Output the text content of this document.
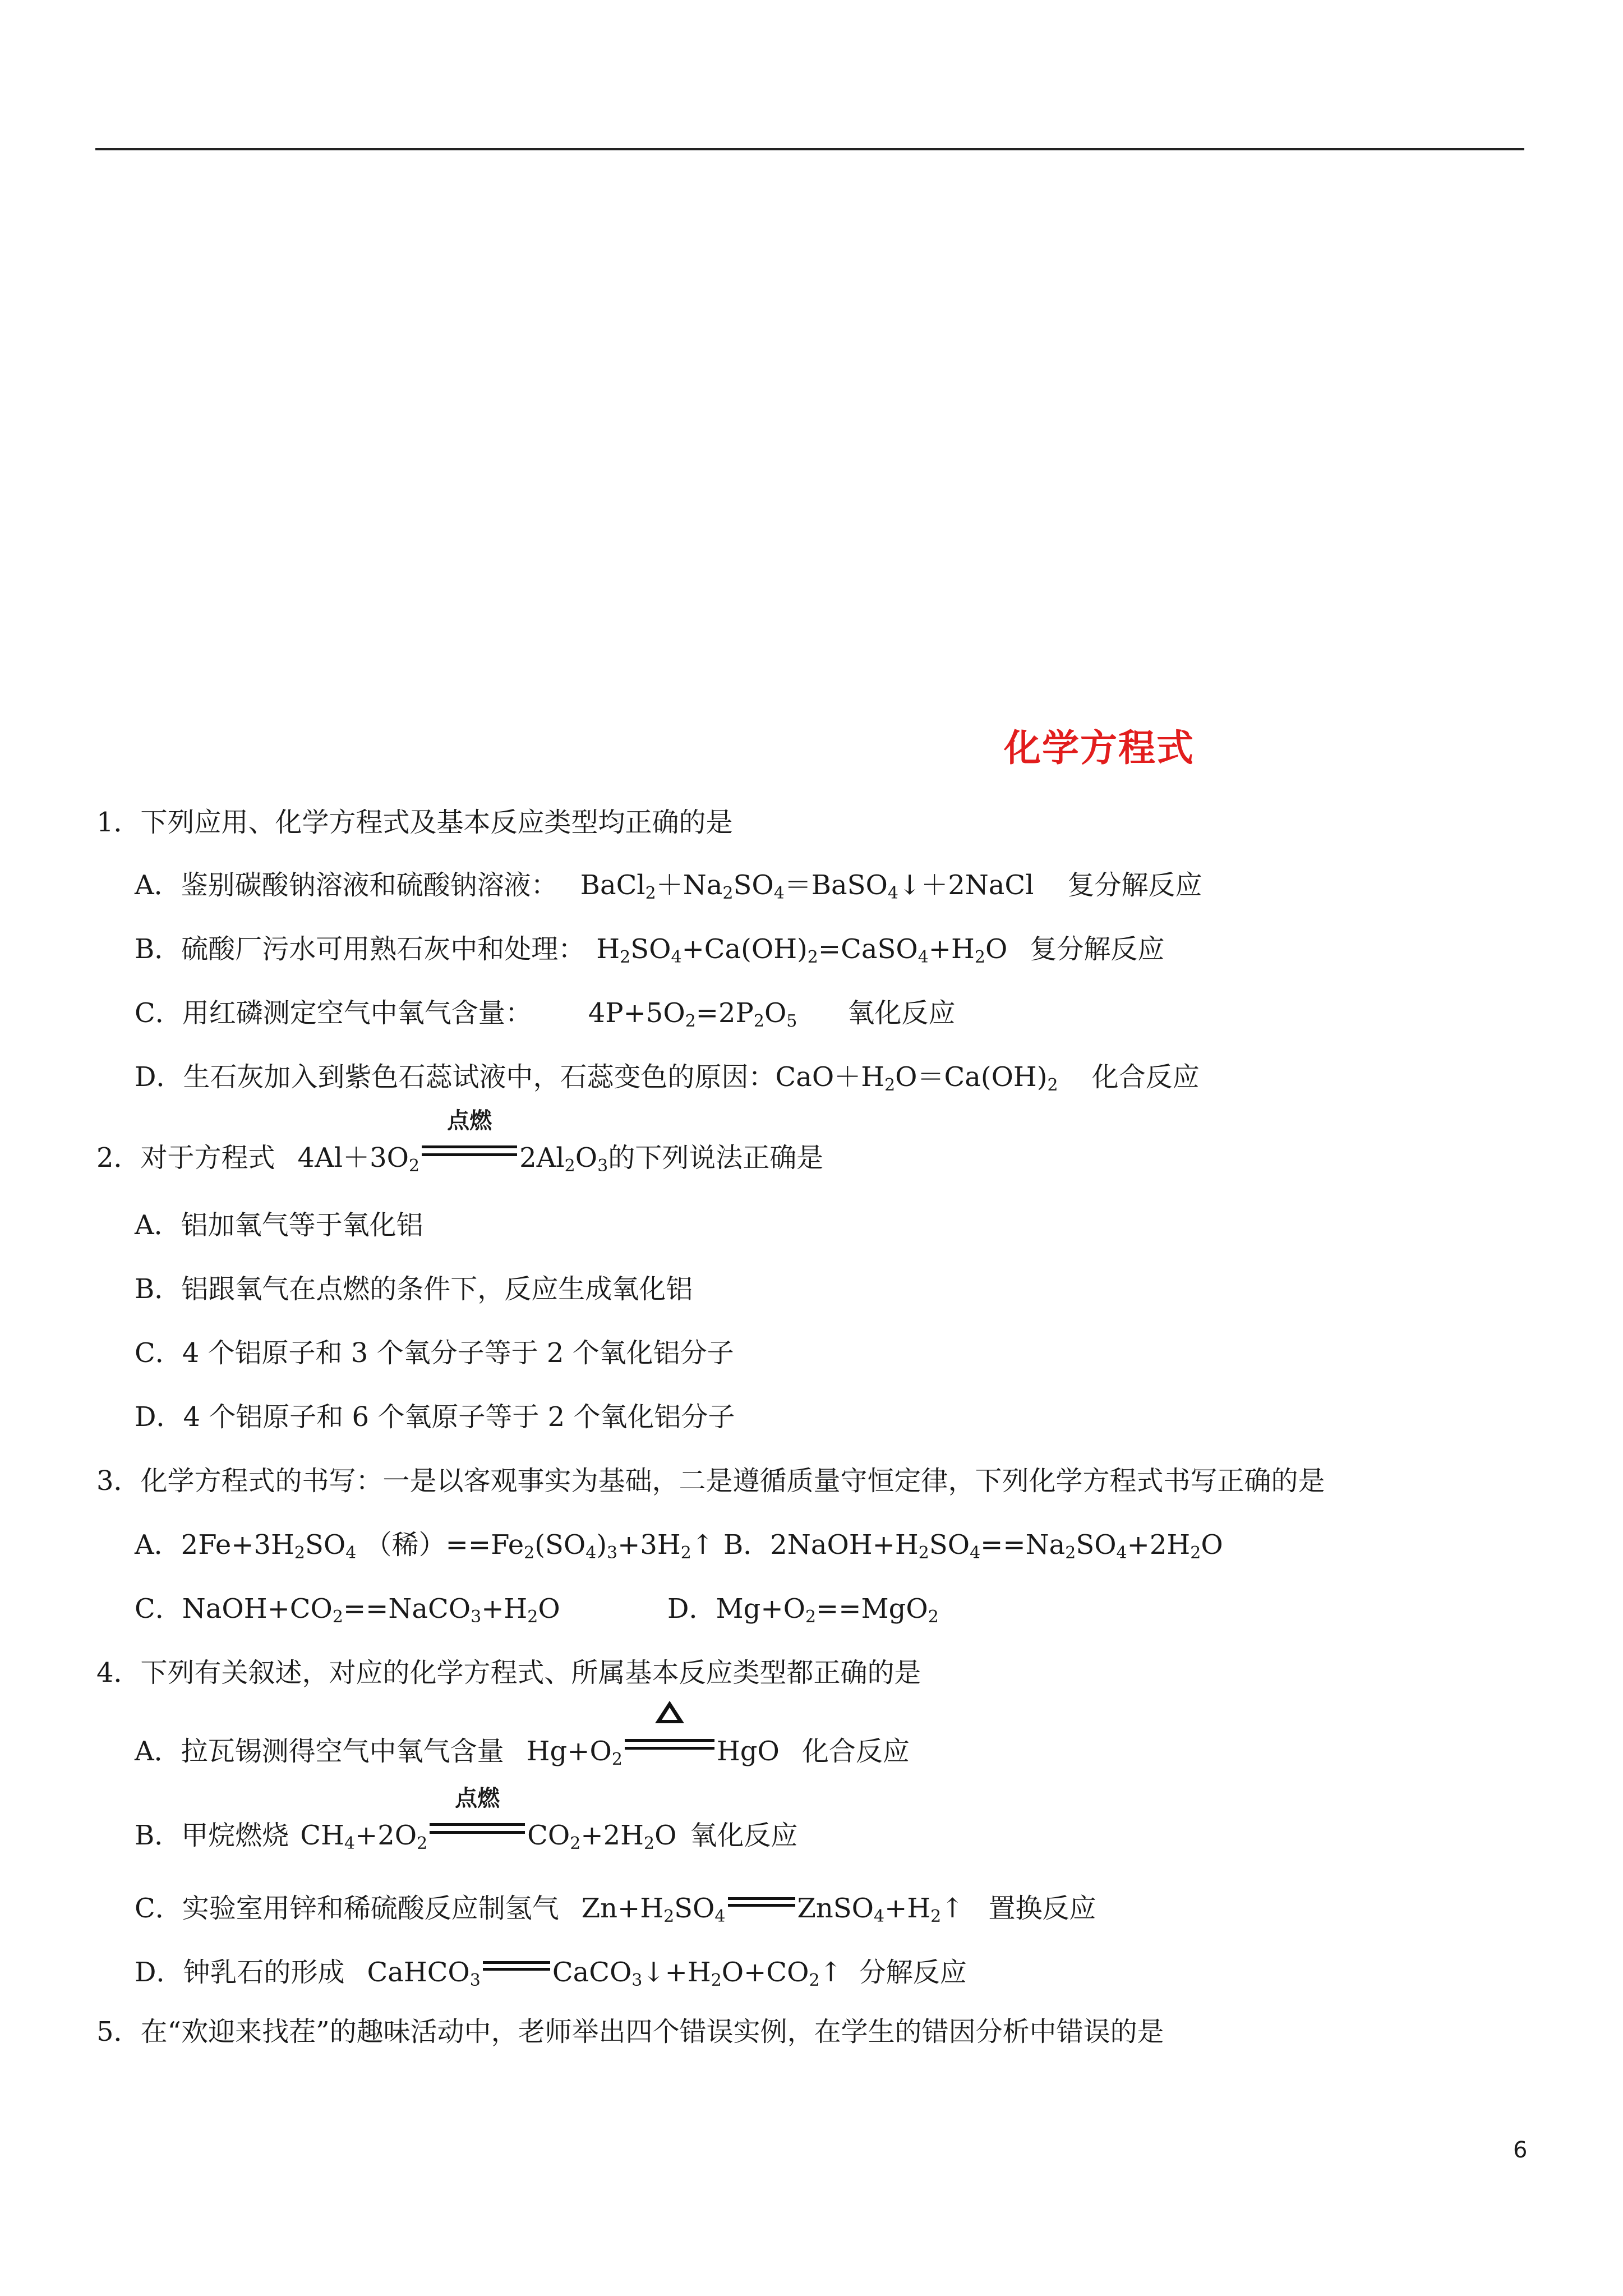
化学方程式
1．下列应用、化学方程式及基本反应类型均正确的是
A．鉴别碳酸钠溶液和硫酸钠溶液： $BaCl_2+Na_2SO_4=BaSO_4↓+2NaCl$ 复分解反应
B．硫酸厂污水可用熟石灰中和处理： $H_2SO_4+Ca(OH)_2=CaSO_4+H_2O$ 复分解反应
C．用红磷测定空气中氧气含量： $4P+5O_2=2P_2O_5$ 氧化反应
D．生石灰加入到紫色石蕊试液中，石蕊变色的原因：$CaO+H_2O=Ca(OH)_2$ 化合反应
2．对于方程式 $4Al+3O_2$
点燃
$2Al_2O_3$的下列说法正确是
A．铝加氧气等于氧化铝
B．铝跟氧气在点燃的条件下，反应生成氧化铝
C．4 个铝原子和 3 个氧分子等于 2 个氧化铝分子
D．4 个铝原子和 6 个氧原子等于 2 个氧化铝分子
3．化学方程式的书写：一是以客观事实为基础，二是遵循质量守恒定律，下列化学方程式书写正确的是
A．$2Fe+3H_2SO_4$ （稀）$==Fe_2(SO_4)_3+3H_2↑$ B．$2NaOH+H_2SO_4==Na_2SO_4+2H_2O$
C．$NaOH+CO_2==NaCO_3+H_2O$	D．$Mg+O_2==MgO_2$
4．下列有关叙述，对应的化学方程式、所属基本反应类型都正确的是
A．拉瓦锡测得空气中氧气含量 $Hg+O_2$	HgO 化合反应
B．甲烷燃烧 $CH_4+2O_2$
点燃
$CO_2+2H_2O$ 氧化反应
C．实验室用锌和稀硫酸反应制氢气 $Zn+H_2SO_4$	$ZnSO_4+H_2↑$ 置换反应
D．钟乳石的形成 CaHCO$_3$	$CaCO_3↓+H_2O+CO_2↑$ 分解反应
5．在“欢迎来找茬”的趣味活动中，老师举出四个错误实例，在学生的错因分析中错误的是
6
